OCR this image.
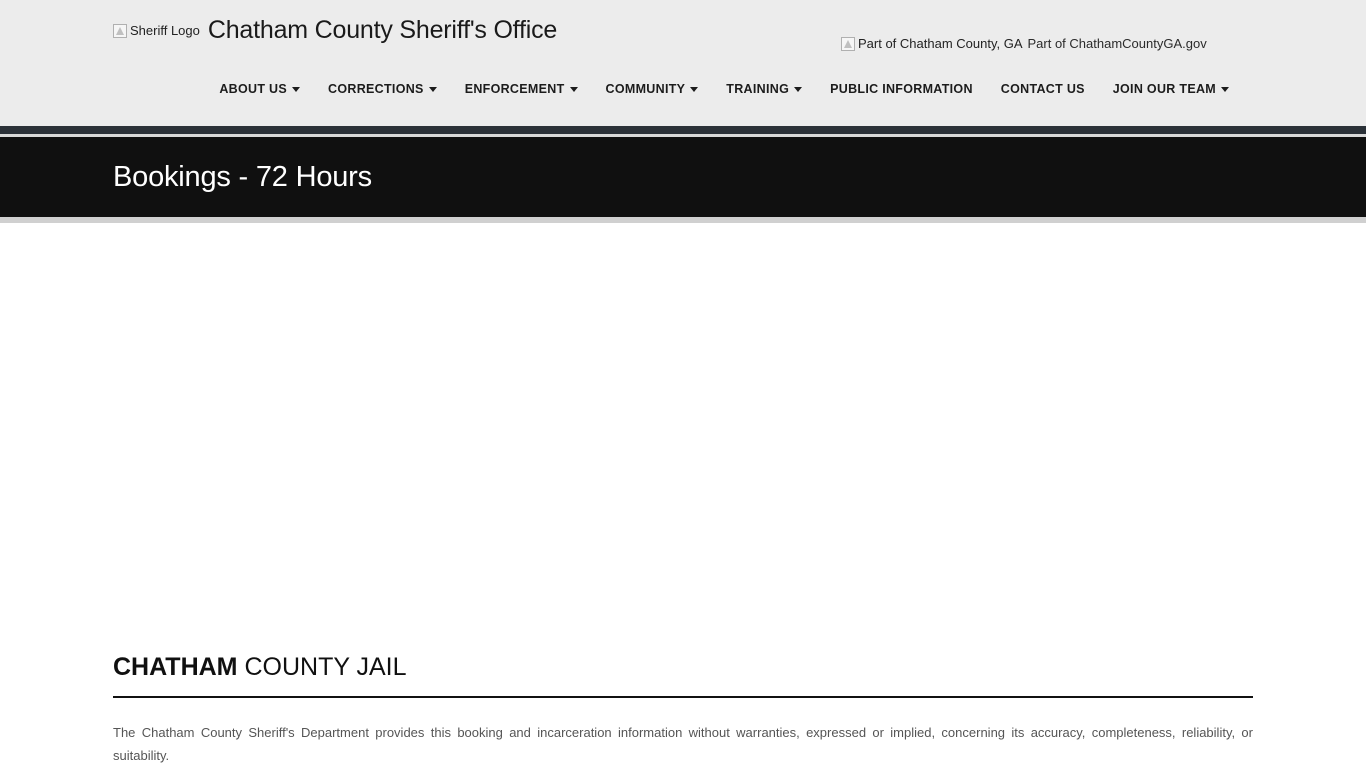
Sheriff Logo Chatham County Sheriff's Office	Part of Chatham County, GA Part of ChathamCountyGA.gov
ABOUT US	CORRECTIONS	ENFORCEMENT	COMMUNITY	TRAINING	PUBLIC INFORMATION CONTACT US JOIN OUR TEAM
Bookings - 72 Hours
CHATHAM COUNTY JAIL

The Chatham County Sheriff's Department provides this booking and incarceration information without warranties, expressed or implied, concerning its accuracy, completeness, reliability, or suitability.
